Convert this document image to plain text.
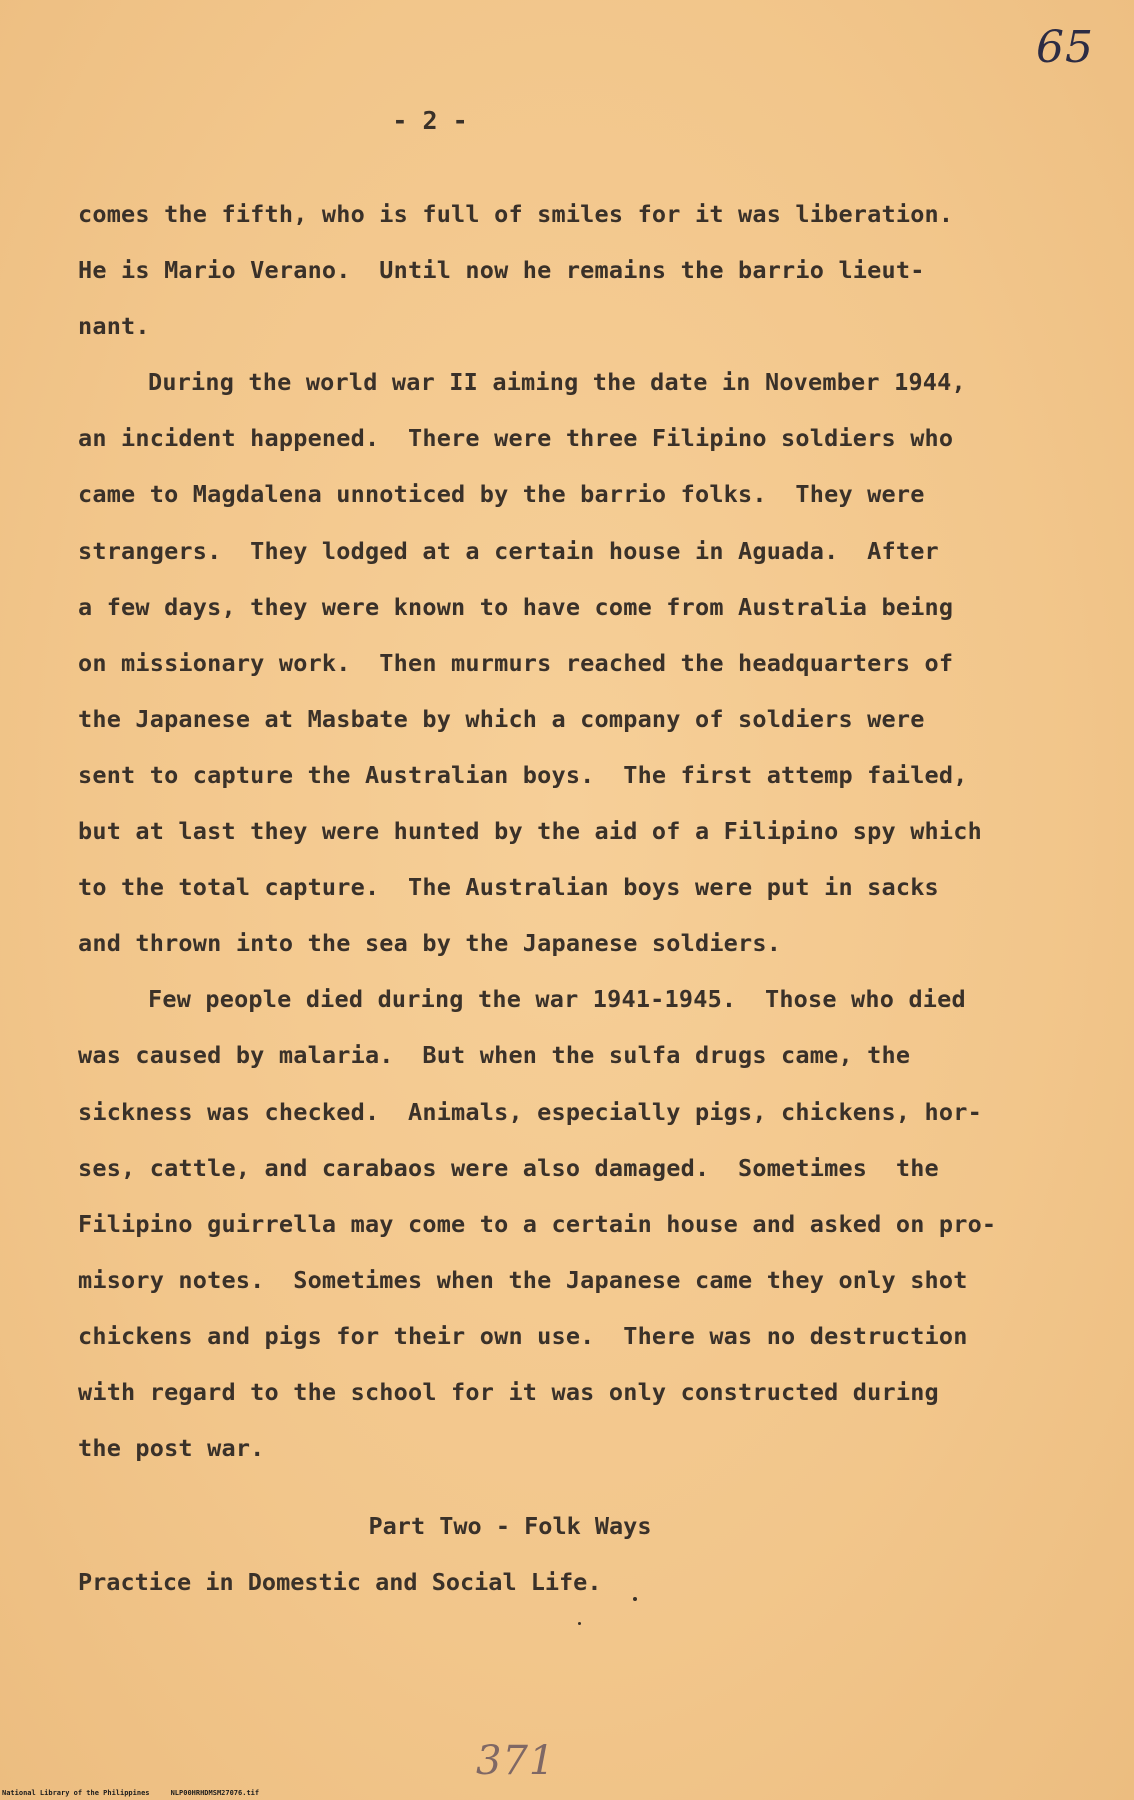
65
- 2 -
comes the fifth, who is full of smiles for it was liberation.
He is Mario Verano.  Until now he remains the barrio lieut-
nant.
During the world war II aiming the date in November 1944,
an incident happened.  There were three Filipino soldiers who
came to Magdalena unnoticed by the barrio folks.  They were
strangers.  They lodged at a certain house in Aguada.  After
a few days, they were known to have come from Australia being
on missionary work.  Then murmurs reached the headquarters of
the Japanese at Masbate by which a company of soldiers were
sent to capture the Australian boys.  The first attemp failed,
but at last they were hunted by the aid of a Filipino spy which
to the total capture.  The Australian boys were put in sacks
and thrown into the sea by the Japanese soldiers.
Few people died during the war 1941-1945.  Those who died
was caused by malaria.  But when the sulfa drugs came, the
sickness was checked.  Animals, especially pigs, chickens, hor-
ses, cattle, and carabaos were also damaged.  Sometimes  the
Filipino guirrella may come to a certain house and asked on pro-
misory notes.  Sometimes when the Japanese came they only shot
chickens and pigs for their own use.  There was no destruction
with regard to the school for it was only constructed during
the post war.
Part Two - Folk Ways
Practice in Domestic and Social Life.
371
National Library of the Philippines	NLP00HRHDMSM27076.tif
